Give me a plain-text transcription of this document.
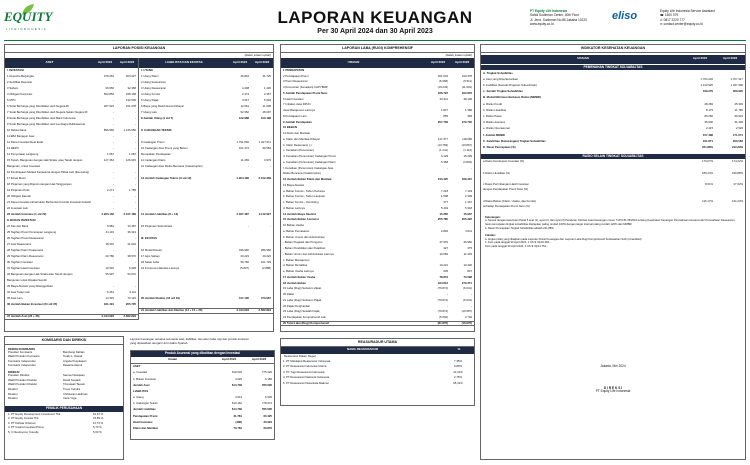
EQUITY
L I F E I N D O N E S I A
LAPORAN KEUANGAN
Per 30 April 2024 dan 30 April 2023
PT Equity Life Indonesia
Sahid Sudirman Center, 40th Floor
Jl. Jend. Sudirman No 86 Jakarta 10220
www.equity.co.id
eliso	Equity Life Indonesia Service Assistant
☎ 1500 079
✆ 0817 2220 777
✉ contact.center@equity.co.id
LAPORAN POSISI KEUANGAN
(dalam jutaan rupiah)
ASET	April 2024	April 2023
I. INVESTASI
1 Deposito Berjangka	376.264	364.927
2 Sertifikat Deposito	-	-
3 Saham	26.956	32.368
4 Obligasi Korporasi	563.853	238.148
5 MTN	-	132.500
6 Surat Berharga yang Diterbitkan oleh Negara RI	267.924	151.678
7 Surat Berharga yang Diterbitkan oleh Negara Selain Negara RI	-	-
8 Surat Berharga yang Diterbitkan oleh Bank Indonesia	-	-
9 Surat Berharga yang Diterbitkan oleh Lembaga Multinasional	-	-
10 Reksa Dana	896.966	1.135.656
11 EBA Berjagun Aset	-	-
12 Dana Investasi Real Estat	-	-
13 REPO	-	-
14 Penyertaan Langsung	1.087	1.087
15 Tanah, Bangunan dengan Hak Strata, atau Tanah dengan	127.364	126.615
Bangunan, untuk Investasi
16 Pembiayaan Melalui Kerjasama dengan Pihak Lain (Executing)	-	-
17 Emas Murni	-	-
18 Pinjaman yang Dijamin dengan Hak Tanggungan	-	-
19 Pinjaman Polis	2.271	1.785
20 Obligasi Daerah	-	-
21 Dana Investasi Infrastruktur Berbentuk Kontrak Investasi Kolektif	-	-
22 Investasi Lain	-	-
23 Jumlah Investasi (1 s/d 22)	2.263.132	2.317.189
II. BUKAN INVESTASI
24 Kas dan Bank	9.981	13.487
25 Tagihan Premi Penutupan Langsung	41.119	36.313
26 Tagihan Premi Reasuransi	-	-
27 Aset Reasuransi	18.331	21.634
28 Tagihan Klaim Koasuransi	-	-
29 Tagihan Klaim Reasuransi	20.780	38.570
30 Tagihan Investasi	-	-
31 Tagihan Hasil Investasi	10.515	5.006
32 Bangunan dengan Hak Strata atau Tanah dengan	55.997	54.672
Bangunan untuk Dipakai Sendiri
33 Biaya Akuisisi yang Ditangguhkan	-	-
34 Aset Tetap Lain	6.461	9.111
35 Aset Lain	14.315	73.124
36 Jumlah Bukan Investasi (24 s/d 35)	181.491	265.705
37 Jumlah Aset (23 + 36)	2.444.623	2.582.894
LIABILITAS DAN EKUITAS	April 2024	April 2023
I. UTANG
1 Utang Klaim	46.843	31.725
2 Utang Koasuransi	-	-
3 Utang Reasuransi	4.208	1.430
4 Utang Komisi	2.374	2.357
5 Utang Pajak	4.547	5.646
6 Biaya yang Masih Harus Dibayar	12.661	11.638
7 Utang Lain	52.352	48.097
8 Jumlah Utang (1 s/d 7)	122.988	100.198
II. CADANGAN TEKNIS
9 Cadangan Premi	1.791.846	1.917.611
10 Cadangan Atas Premi yang Belum	101.374	90.581
Merupakan Pendapatan
11 Cadangan Klaim	11.283	3.976
12 Cadangan Atas Risiko Bencana (Catastrophic)	-	-
13 Jumlah Cadangan Teknis (9 s/d 12)	1.904.499	2.012.369
14 Jumlah Liabilitas (8 + 13)	2.027.487	2.112.927
15 Pinjaman Subordinasi	-	-
III. EKUITAS
16 Modal Disetor	336.960	286.960
17 Agio Saham	20.223	20.223
18 Saldo Laba	59.760	161.729
19 Komponen Ekuitas Lainnya	(5.807)	(2.888)
20 Jumlah Ekuitas (16 s/d 19)	417.136	470.967
21 Jumlah Liabilitas dan Ekuitas (14 + 15 + 20)	2.444.623	2.582.894
KOMISARIS DAN DIREKSI
DEWAN KOMISARIS
Presiden Komisaris	Bambang Dahlan
Wakil Presiden Komisaris	Teddy L. Rasak
Komisaris Independen	Angela Puspitasari
Komisaris Independen	Dasanta Kapok
DIREKSI
Presiden Direktur	Samuel Setiawan
Wakil Presiden Direktur	David Soetadi
Wakil Presiden Direktur	Trisnawati Tauwin
Direktur	Trees Candra
Direktur	Christanto Hadimas
Direktur	Irana Yoga
PEMILIK PERUSAHAAN
1. PT Equity Development Investment Tbk	61,67 %
2. PT Equity Investa Tbk	15,89 %
3. PT Dahsia Orisicom	11,73 %
4. PT Iswara Investasi Prima	5,73 %
5. Ir Nuudoyono Yusudip	5,00 %
Laporan keuangan tersebut termasuk aset, liabilitas, dan akun laba rugi dan produk asuransi
yang dipasarkan dengan Unit Usaha Syariah.
Produk Asuransi yang dikaitkan dengan Investasi
Uraian	April 2024	April 2023
ASET
a. Investasi	610.603	775.426
b. Bukan Investasi	4.026	6.180
Jumlah Aset	614.709	785.606
LIABILITAS
a. Utang	4.541	6.630
b. Cadangan Teknis	610.162	778.974
Jumlah Liabilitas	614.709	785.606
Pendapatan Premi	31.781	60.425
Hasil Investasi	(486)	20.994
Klaim dan Manfaat	70.763	60.876
LAPORAN LABA (RUGI) KOMPREHENSIF
(dalam jutaan rupiah)
URAIAN	April 2024	April 2023
1 PENDAPATAN
2 Pendapatan Premi	261.633	240.378
3 Premi Reasuransi	(5.668)	(5.511)
4 Penurunan (Kenaikan) CAPYBMP	(19.243)	(11.991)
5 Jumlah Pendapatan Premi Neto	236.722	222.876
6 Hasil Investasi	20.311	48.109
7 Imbalan Jasa DPLK/
Jasa Manajemen Lainnya	1.847	1.380
8 Pendapatan Lain	855	365
9 Jumlah Pendapatan	257.739	272.730
10 BEBAN
11 Klaim dan Manfaat
a. Klaim dan Manfaat Dibayar	147.377	118.086
b. Klaim Reasuransi (-)	(10.783)	(10.867)
c. Kenaikan (Penurunan)	(1.241)	(1.110)
d. Kenaikan (Penurunan) Cadangan Premi	9.129	15.299
e. Kenaikan (Penurunan) Cadangan Klaim	5.368	(4.893)
f. Kenaikan (Penurunan) Cadangan Atas	-	-
Risiko Bencana (Catastrophic)
12 Jumlah Beban Klaim dan Manfaat	240.425	189.415
13 Biaya Akuisisi
a. Beban Komisi - Tahun Pertama	7.218	7.103
b. Beban Komisi - Tahun Lanjutan	1.508	2.309
c. Beban Komisi - Overriding	377	1.167
d. Beban Lainnya	5.449	5.318
14 Jumlah Biaya Akuisisi	15.360	15.907
15 Jumlah Beban Asuransi	255.785	205.322
16 Beban Usaha
a. Beban Pemasaran	2.846	3.611
b. Beban Umum dan Administrasi
- Beban Pegawai dan Pengurus	47.976	46.960
- Beban Pendidikan dan Pelatihan	427	375
- Beban Umum dan Administrasi Lainnya	10.669	11.433
c. Beban Manajemen
d. Beban Mortalitas	10.221	10.420
e. Beban Usaha Lainnya	605	847
17 Jumlah Beban Usaha	78.844	74.098
18 Jumlah Beban	334.613	279.371
19 Laba (Rugi) Sebelum Zakat	(76.874)	(6.641)
20 Zakat	-	-
21 Laba (Rugi) Sebelum Pajak	(76.874)	(6.641)
22 Pajak Penghasilan	-	-
23 Laba (Rugi) Setelah Pajak	(76.874)	(16.587)
24 Pendapatan Komprehensif Lain	(5.004)	2.702
25 Total Laba (Rugi) Komprehensif	(81.876)	(16.976)
REASURADUR UTAMA
NAMA REASURADUR	%
Reasuransi Dalam Negeri
1. PT Maskapai Reasuransi Indonesia	7,35%
2. PT Reasuransi Indonesia Utama	9,80%
3. PT Tugu Reasuransi Indonesia	10,41%
4. PT Reasuransi Nasional Indonesia	2,75%
5. PT Reasuransi Nusantara Makmur	65,31%
INDIKATOR KESEHATAN KEUANGAN
URAIAN	April 2024	April 2023
PEMENUHAN TINGKAT SOLVABILITAS
A. Tingkat Solvabilitas
a. Aset yang Diperkenankan	1.763.204	1.707.317
b. Liabilitas (Kecuali Pinjaman Subordinasi)	1.413.925	1.337.390
c. Jumlah Tingkat Solvabilitas	349.279	369.920
B. Modal Minimum Berbasis Risiko (MMBR)
a. Risiko Kredit	28.283	25.303
b. Risiko Likuiditas	8.175	11.765
c. Risiko Pasar	80.260	99.924
d. Risiko Asuransi	25.600	31.403
e. Risiko Operasional	2.415	2.526
f. Jumlah MMBR	157.498	171.071
C. Kelebihan (Kekurangan) Tingkat Solvabilitas	191.871	200.063
D. Rasio Pencapaian (%)	221,88%	212,29%
RASIO SELAIN TINGKAT SOLVABILITAS
a Rasio Kecukupan Investasi (%)	179,07%	174,22%
b Rasio Likuiditas (%)	185,24%	196,88%
c Rasio Perimbangan Hasil Investasi	8,61%	27,62%
dengan Pendapatan Premi Neto (%)
d Rasio Beban (Klaim, Usaha, dan Komisi)	116,17%	131,24%
terhadap Pendapatan Premi Neto (%)
Keterangan:
a. Sesuai dengan ketentuan Pasal 5 ayat (1), ayat (2), dan ayat (3) Peraturan Otoritas Jasa Keuangan nomor 71/POJK.05/2016 tentang Kesehatan Keuangan Perusahaan Asuransi dan Perusahaan Reasuransi, rasio pencapaian tingkat solvabilitas ditetapkan paling rendah 100% dengan target internal paling rendah 120% dari MMBR.
b. Rasio Pencapaian Tingkat Solvabilitas adalah 221,88%
Catatan:
a. Angka (nilai) yang disajikan pada Laporan Posisi Keuangan dan Laporan Laba Rugi Komprehensif berdasarkan SAK (Unaudited)
b. Kurs pada tanggal 30 April 2024, 1 US $: Rp16.284,-
Kurs pada tanggal 30 April 2023, 1 US $: Rp14.751,-
Jakarta, Mei 2024
D I R E K S I
PT Equity Life Indonesia
